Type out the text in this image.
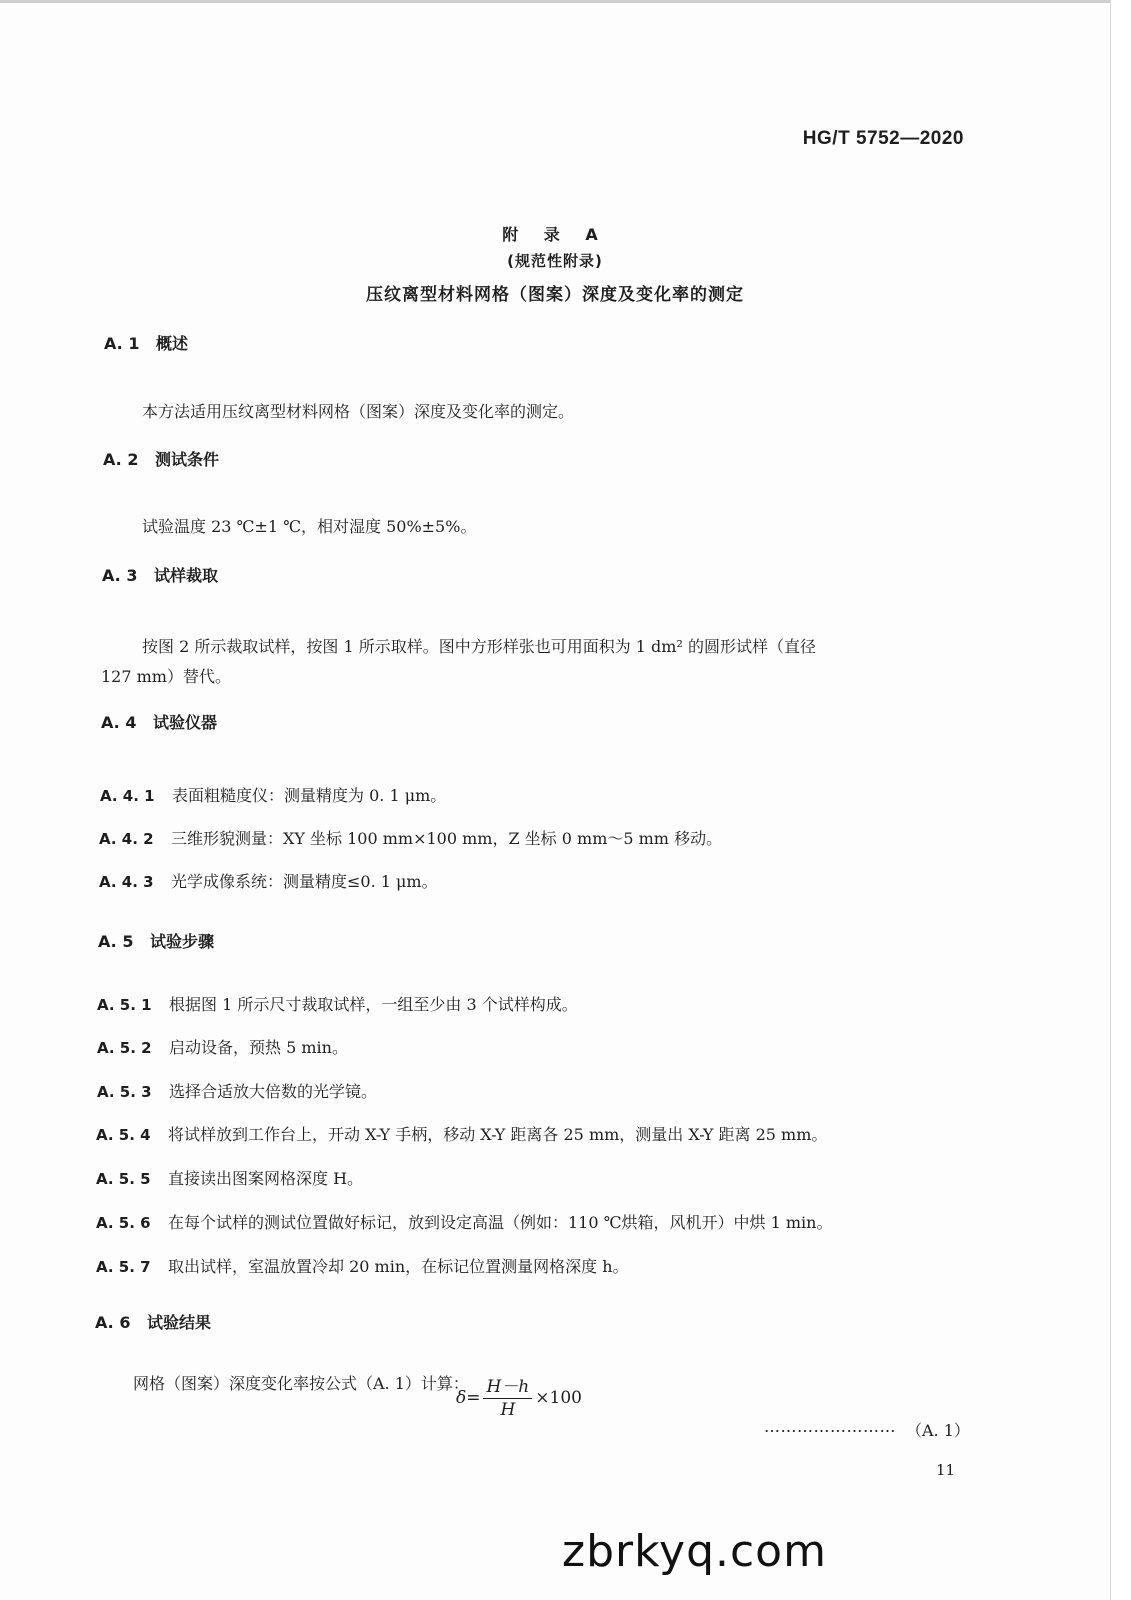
HG/T 5752—2020
附 录 A
(规范性附录)
压纹离型材料网格（图案）深度及变化率的测定
A. 1 概述
本方法适用压纹离型材料网格（图案）深度及变化率的测定。
A. 2 测试条件
试验温度 23 ℃±1 ℃，相对湿度 50%±5%。
A. 3 试样裁取
按图 2 所示裁取试样，按图 1 所示取样。图中方形样张也可用面积为 1 dm² 的圆形试样（直径
127 mm）替代。
A. 4 试验仪器
A. 4. 1 表面粗糙度仪：测量精度为 0. 1 μm。
A. 4. 2 三维形貌测量：XY 坐标 100 mm×100 mm，Z 坐标 0 mm～5 mm 移动。
A. 4. 3 光学成像系统：测量精度≤0. 1 μm。
A. 5 试验步骤
A. 5. 1 根据图 1 所示尺寸裁取试样，一组至少由 3 个试样构成。
A. 5. 2 启动设备，预热 5 min。
A. 5. 3 选择合适放大倍数的光学镜。
A. 5. 4 将试样放到工作台上，开动 X-Y 手柄，移动 X-Y 距离各 25 mm，测量出 X-Y 距离 25 mm。
A. 5. 5 直接读出图案网格深度 H。
A. 5. 6 在每个试样的测试位置做好标记，放到设定高温（例如：110 ℃烘箱，风机开）中烘 1 min。
A. 5. 7 取出试样，室温放置冷却 20 min，在标记位置测量网格深度 h。
A. 6 试验结果
网格（图案）深度变化率按公式（A. 1）计算：
$\delta= \frac{H-h}{H} \times 100$
…………………… （A. 1）
11
zbrkyq.com
